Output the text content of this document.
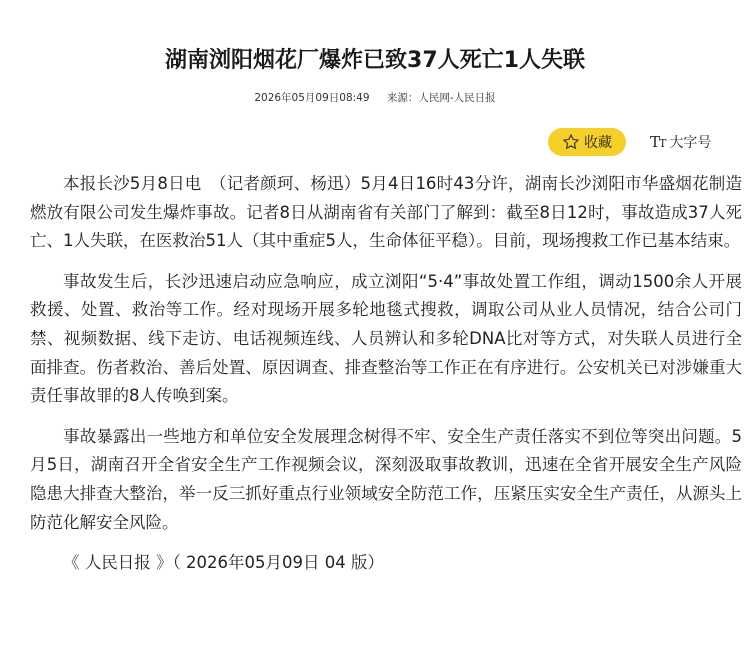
湖南浏阳烟花厂爆炸已致37人死亡1人失联
2026年05月09日08:49 来源：人民网-人民日报
收藏	TT 大字号

本报长沙5月8日电　（记者颜珂、杨迅）5月4日16时43分许，湖南长沙浏阳市华盛烟花制造燃放有限公司发生爆炸事故。记者8日从湖南省有关部门了解到：截至8日12时，事故造成37人死亡、1人失联，在医救治51人（其中重症5人，生命体征平稳）。目前，现场搜救工作已基本结束。

事故发生后，长沙迅速启动应急响应，成立浏阳“5·4”事故处置工作组，调动1500余人开展救援、处置、救治等工作。经对现场开展多轮地毯式搜救，调取公司从业人员情况，结合公司门禁、视频数据、线下走访、电话视频连线、人员辨认和多轮DNA比对等方式，对失联人员进行全面排查。伤者救治、善后处置、原因调查、排查整治等工作正在有序进行。公安机关已对涉嫌重大责任事故罪的8人传唤到案。

事故暴露出一些地方和单位安全发展理念树得不牢、安全生产责任落实不到位等突出问题。5月5日，湖南召开全省安全生产工作视频会议，深刻汲取事故教训，迅速在全省开展安全生产风险隐患大排查大整治，举一反三抓好重点行业领域安全防范工作，压紧压实安全生产责任，从源头上防范化解安全风险。

《 人民日报 》（ 2026年05月09日 04 版）
